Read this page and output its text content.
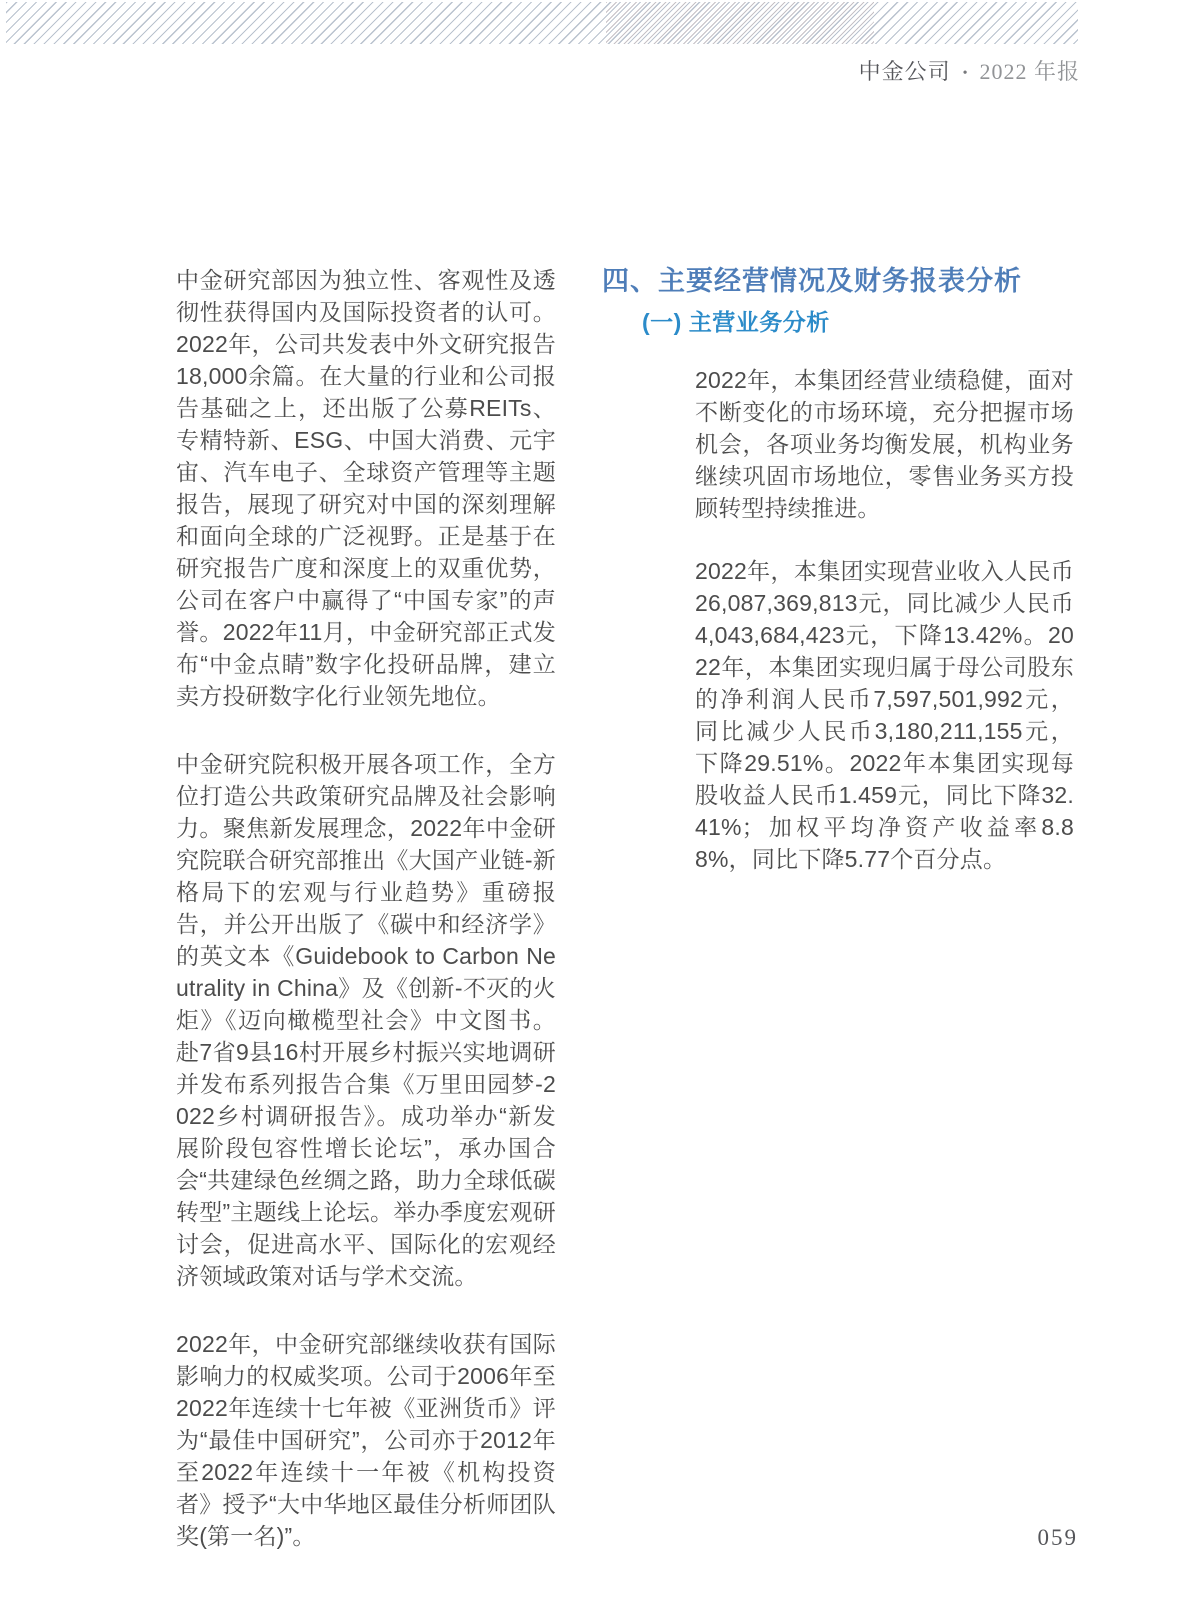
中金公司 • 2022 年报

中金研究部因为独立性、客观性及透彻性获得国内及国际投资者的认可。2022年，公司共发表中外文研究报告18,000余篇。在大量的行业和公司报告基础之上，还出版了公募REITs、专精特新、ESG、中国大消费、元宇宙、汽车电子、全球资产管理等主题报告，展现了研究对中国的深刻理解和面向全球的广泛视野。正是基于在研究报告广度和深度上的双重优势，公司在客户中赢得了“中国专家”的声誉。2022年11月，中金研究部正式发布“中金点睛”数字化投研品牌，建立卖方投研数字化行业领先地位。

中金研究院积极开展各项工作，全方位打造公共政策研究品牌及社会影响力。聚焦新发展理念，2022年中金研究院联合研究部推出《大国产业链-新格局下的宏观与行业趋势》重磅报告，并公开出版了《碳中和经济学》的英文本《Guidebook to Carbon Neutrality in China》及《创新-不灭的火炬》《迈向橄榄型社会》中文图书。赴7省9县16村开展乡村振兴实地调研并发布系列报告合集《万里田园梦-2022乡村调研报告》。成功举办“新发展阶段包容性增长论坛”，承办国合会“共建绿色丝绸之路，助力全球低碳转型”主题线上论坛。举办季度宏观研讨会，促进高水平、国际化的宏观经济领域政策对话与学术交流。

2022年，中金研究部继续收获有国际影响力的权威奖项。公司于2006年至2022年连续十七年被《亚洲货币》评为“最佳中国研究”，公司亦于2012年至2022年连续十一年被《机构投资者》授予“大中华地区最佳分析师团队奖(第一名)”。

四、主要经营情况及财务报表分析
(一) 主营业务分析

2022年，本集团经营业绩稳健，面对不断变化的市场环境，充分把握市场机会，各项业务均衡发展，机构业务继续巩固市场地位，零售业务买方投顾转型持续推进。

2022年，本集团实现营业收入人民币26,087,369,813元，同比减少人民币4,043,684,423元，下降13.42%。2022年，本集团实现归属于母公司股东的净利润人民币7,597,501,992元，同比减少人民币3,180,211,155元，下降29.51%。2022年本集团实现每股收益人民币1.459元，同比下降32.41%；加权平均净资产收益率8.88%，同比下降5.77个百分点。

059
